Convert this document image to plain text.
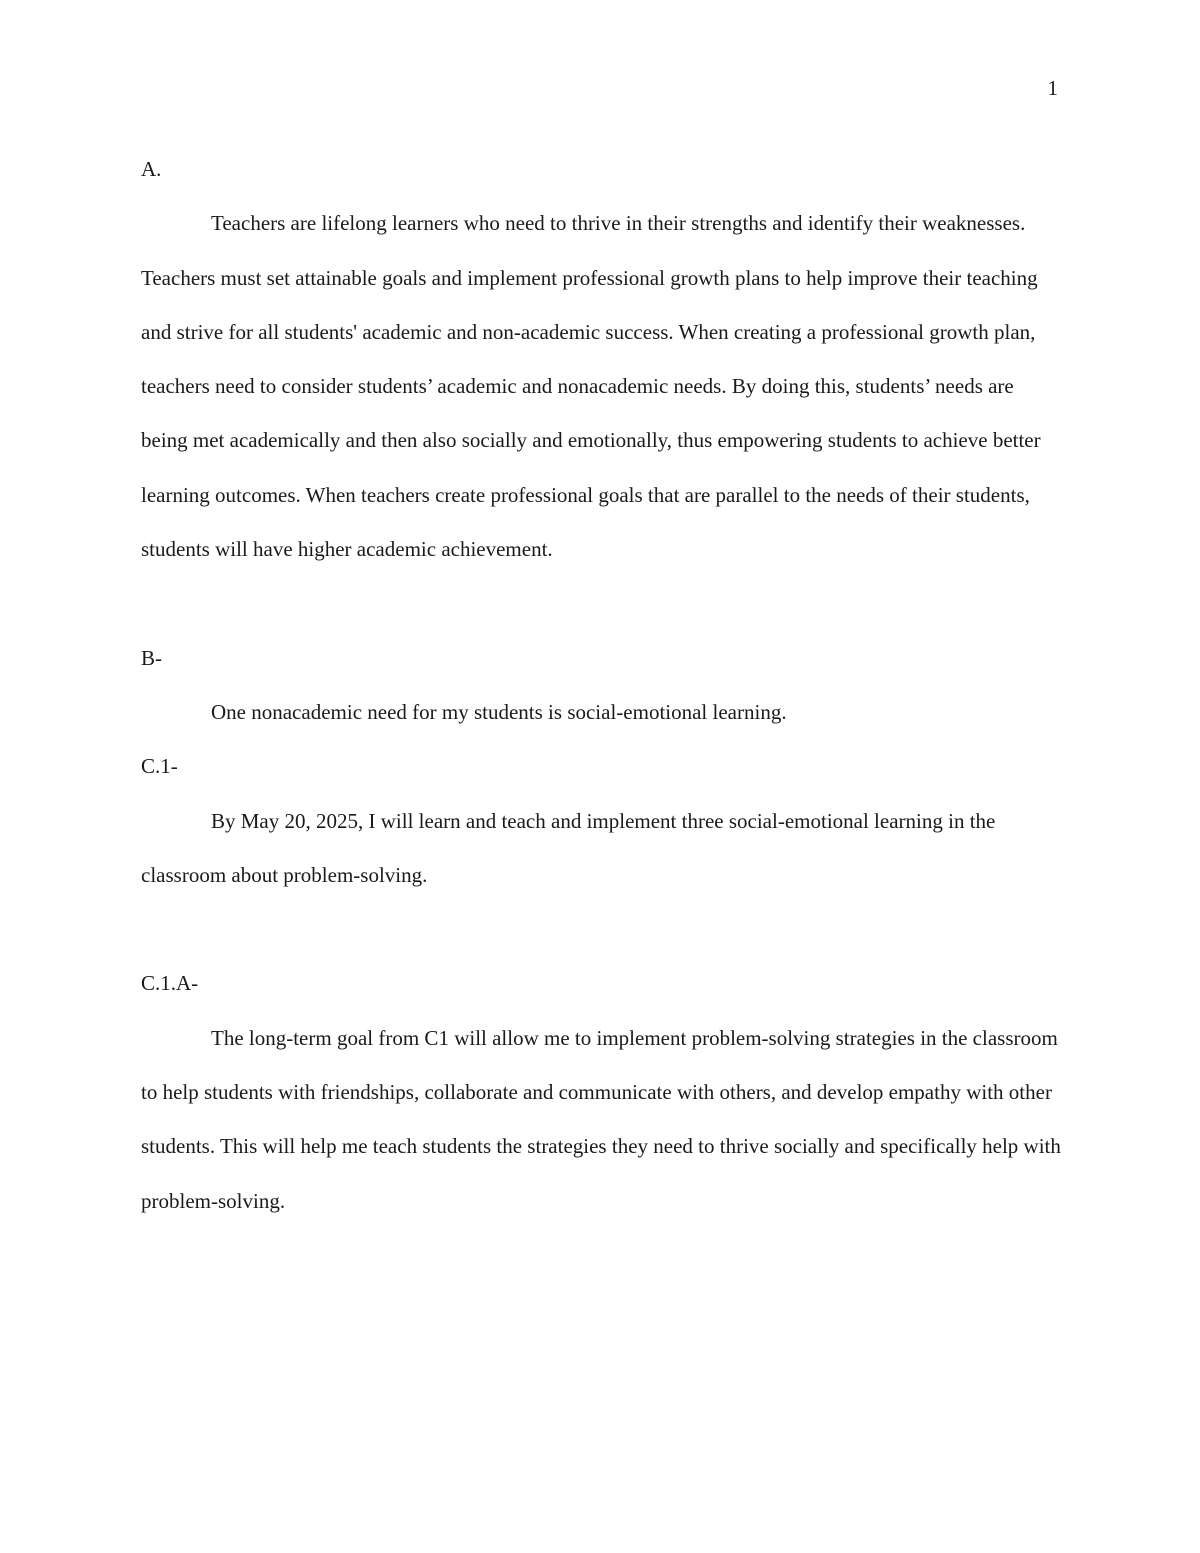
1

A.

Teachers are lifelong learners who need to thrive in their strengths and identify their weaknesses. Teachers must set attainable goals and implement professional growth plans to help improve their teaching and strive for all students' academic and non-academic success. When creating a professional growth plan, teachers need to consider students’ academic and nonacademic needs. By doing this, students’ needs are being met academically and then also socially and emotionally, thus empowering students to achieve better learning outcomes. When teachers create professional goals that are parallel to the needs of their students, students will have higher academic achievement.

B-

One nonacademic need for my students is social-emotional learning.

C.1-

By May 20, 2025, I will learn and teach and implement three social-emotional learning in the classroom about problem-solving.

C.1.A-

The long-term goal from C1 will allow me to implement problem-solving strategies in the classroom to help students with friendships, collaborate and communicate with others, and develop empathy with other students. This will help me teach students the strategies they need to thrive socially and specifically help with problem-solving.
